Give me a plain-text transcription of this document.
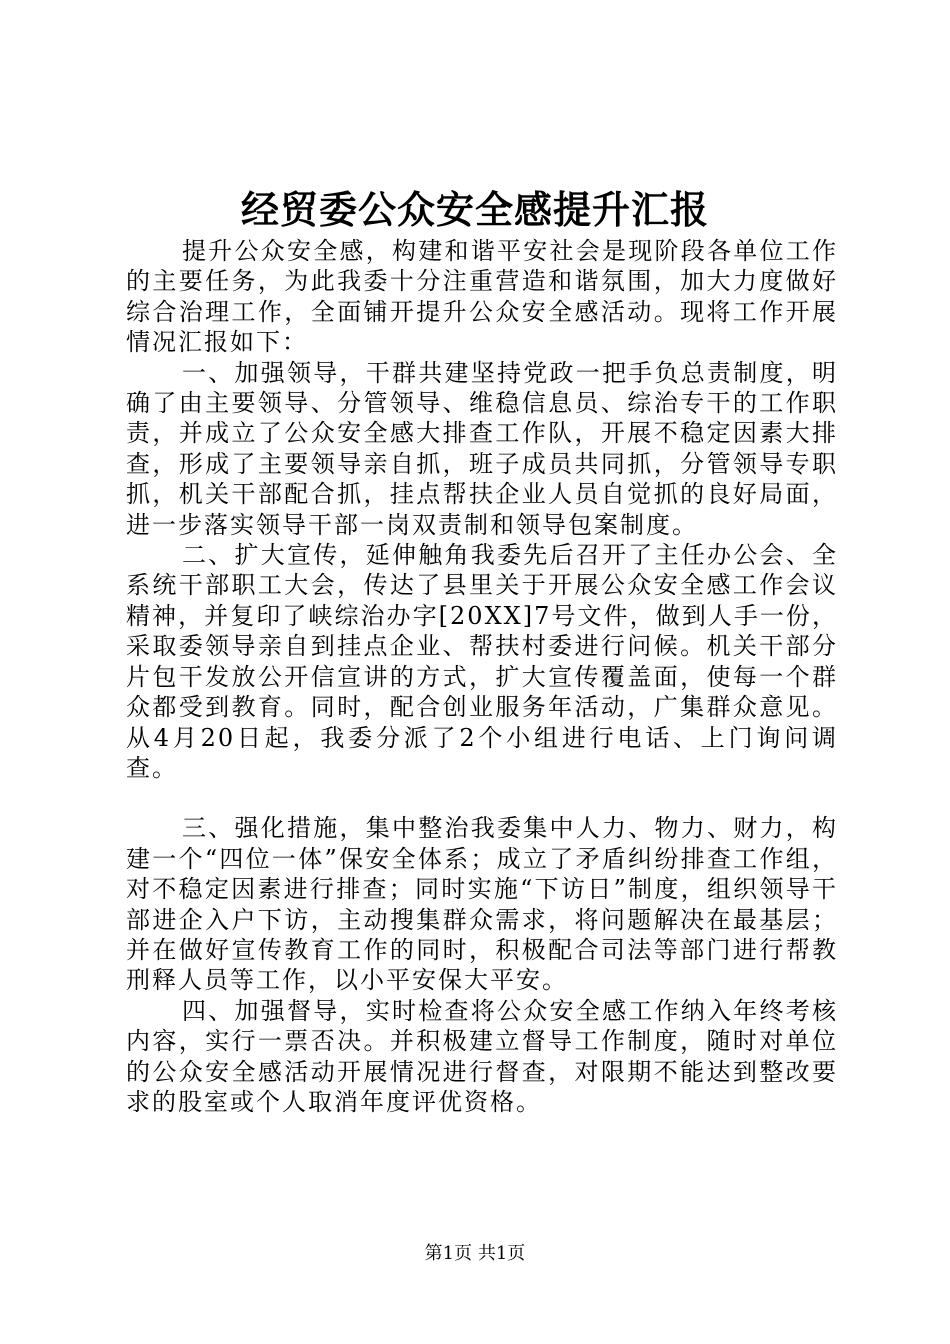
经贸委公众安全感提升汇报

提升公众安全感，构建和谐平安社会是现阶段各单位工作的主要任务，为此我委十分注重营造和谐氛围，加大力度做好综合治理工作，全面铺开提升公众安全感活动。现将工作开展情况汇报如下：

一、加强领导，干群共建坚持党政一把手负总责制度，明确了由主要领导、分管领导、维稳信息员、综治专干的工作职责，并成立了公众安全感大排查工作队，开展不稳定因素大排查，形成了主要领导亲自抓，班子成员共同抓，分管领导专职抓，机关干部配合抓，挂点帮扶企业人员自觉抓的良好局面，进一步落实领导干部一岗双责制和领导包案制度。

二、扩大宣传，延伸触角我委先后召开了主任办公会、全系统干部职工大会，传达了县里关于开展公众安全感工作会议精神，并复印了峡综治办字[20XX]7号文件，做到人手一份，采取委领导亲自到挂点企业、帮扶村委进行问候。机关干部分片包干发放公开信宣讲的方式，扩大宣传覆盖面，使每一个群众都受到教育。同时，配合创业服务年活动，广集群众意见。从4月20日起，我委分派了2个小组进行电话、上门询问调查。

三、强化措施，集中整治我委集中人力、物力、财力，构建一个“四位一体”保安全体系；成立了矛盾纠纷排查工作组，对不稳定因素进行排查；同时实施“下访日”制度，组织领导干部进企入户下访，主动搜集群众需求，将问题解决在最基层；并在做好宣传教育工作的同时，积极配合司法等部门进行帮教刑释人员等工作，以小平安保大平安。

四、加强督导，实时检查将公众安全感工作纳入年终考核内容，实行一票否决。并积极建立督导工作制度，随时对单位的公众安全感活动开展情况进行督查，对限期不能达到整改要求的股室或个人取消年度评优资格。

第1页 共1页
